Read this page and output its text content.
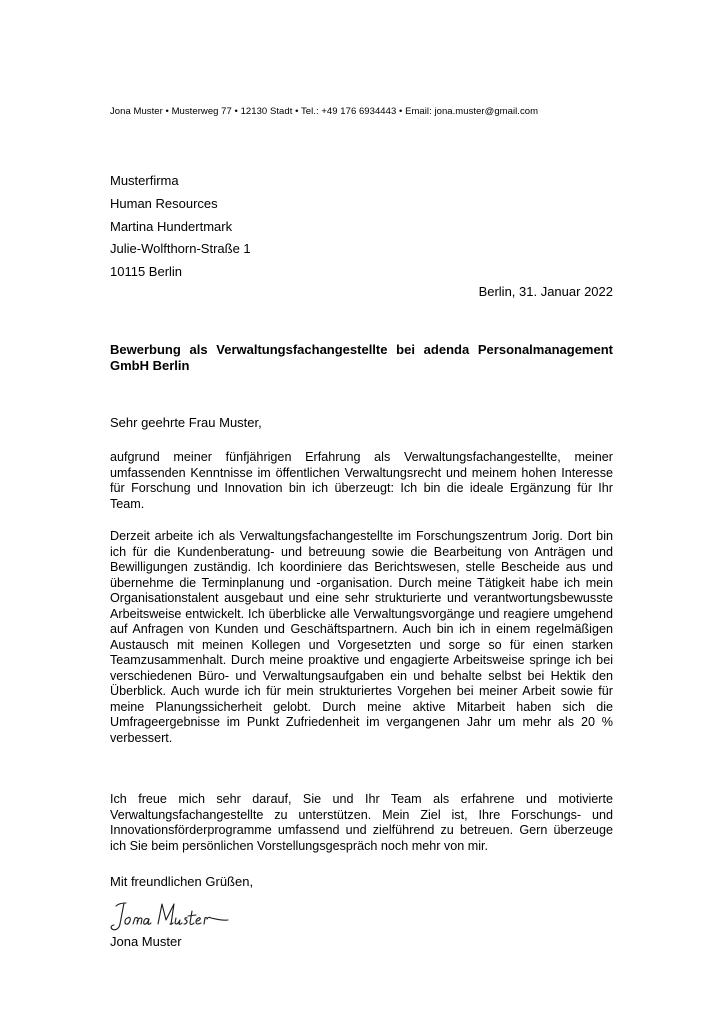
Jona Muster • Musterweg 77 • 12130 Stadt • Tel.: +49 176 6934443 • Email: jona.muster@gmail.com
Musterfirma
Human Resources
Martina Hundertmark
Julie-Wolfthorn-Straße 1
10115 Berlin
Berlin, 31. Januar 2022
Bewerbung als Verwaltungsfachangestellte bei adenda Personalmanagement GmbH Berlin
Sehr geehrte Frau Muster,

aufgrund meiner fünfjährigen Erfahrung als Verwaltungsfachangestellte, meiner umfassenden Kenntnisse im öffentlichen Verwaltungsrecht und meinem hohen Interesse für Forschung und Innovation bin ich überzeugt: Ich bin die ideale Ergänzung für Ihr Team.

Derzeit arbeite ich als Verwaltungsfachangestellte im Forschungszentrum Jorig. Dort bin ich für die Kundenberatung- und betreuung sowie die Bearbeitung von Anträgen und Bewilligungen zuständig. Ich koordiniere das Berichtswesen, stelle Bescheide aus und übernehme die Terminplanung und -organisation. Durch meine Tätigkeit habe ich mein Organisationstalent ausgebaut und eine sehr strukturierte und verantwortungsbewusste Arbeitsweise entwickelt. Ich überblicke alle Verwaltungsvorgänge und reagiere umgehend auf Anfragen von Kunden und Geschäftspartnern. Auch bin ich in einem regelmäßigen Austausch mit meinen Kollegen und Vorgesetzten und sorge so für einen starken Teamzusammenhalt. Durch meine proaktive und engagierte Arbeitsweise springe ich bei verschiedenen Büro- und Verwaltungsaufgaben ein und behalte selbst bei Hektik den Überblick. Auch wurde ich für mein strukturiertes Vorgehen bei meiner Arbeit sowie für meine Planungssicherheit gelobt. Durch meine aktive Mitarbeit haben sich die Umfrageergebnisse im Punkt Zufriedenheit im vergangenen Jahr um mehr als 20 % verbessert.

Ich freue mich sehr darauf, Sie und Ihr Team als erfahrene und motivierte Verwaltungsfachangestellte zu unterstützen. Mein Ziel ist, Ihre Forschungs- und Innovationsförderprogramme umfassend und zielführend zu betreuen. Gern überzeuge ich Sie beim persönlichen Vorstellungsgespräch noch mehr von mir.

Mit freundlichen Grüßen,
Jona Muster
